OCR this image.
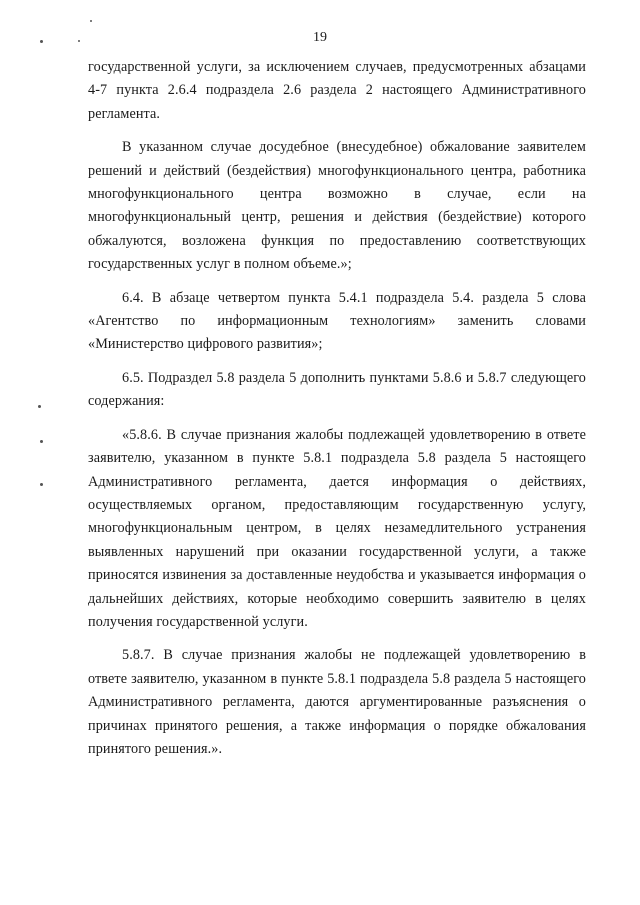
19

государственной услуги, за исключением случаев, предусмотренных абзацами 4-7 пункта 2.6.4 подраздела 2.6 раздела 2 настоящего Административного регламента.

В указанном случае досудебное (внесудебное) обжалование заявителем решений и действий (бездействия) многофункционального центра, работника многофункционального центра возможно в случае, если на многофункциональный центр, решения и действия (бездействие) которого обжалуются, возложена функция по предоставлению соответствующих государственных услуг в полном объеме.»;

6.4. В абзаце четвертом пункта 5.4.1 подраздела 5.4. раздела 5 слова «Агентство по информационным технологиям» заменить словами «Министерство цифрового развития»;

6.5. Подраздел 5.8 раздела 5 дополнить пунктами 5.8.6 и 5.8.7 следующего содержания:

«5.8.6. В случае признания жалобы подлежащей удовлетворению в ответе заявителю, указанном в пункте 5.8.1 подраздела 5.8 раздела 5 настоящего Административного регламента, дается информация о действиях, осуществляемых органом, предоставляющим государственную услугу, многофункциональным центром, в целях незамедлительного устранения выявленных нарушений при оказании государственной услуги, а также приносятся извинения за доставленные неудобства и указывается информация о дальнейших действиях, которые необходимо совершить заявителю в целях получения государственной услуги.

5.8.7. В случае признания жалобы не подлежащей удовлетворению в ответе заявителю, указанном в пункте 5.8.1 подраздела 5.8 раздела 5 настоящего Административного регламента, даются аргументированные разъяснения о причинах принятого решения, а также информация о порядке обжалования принятого решения.».
